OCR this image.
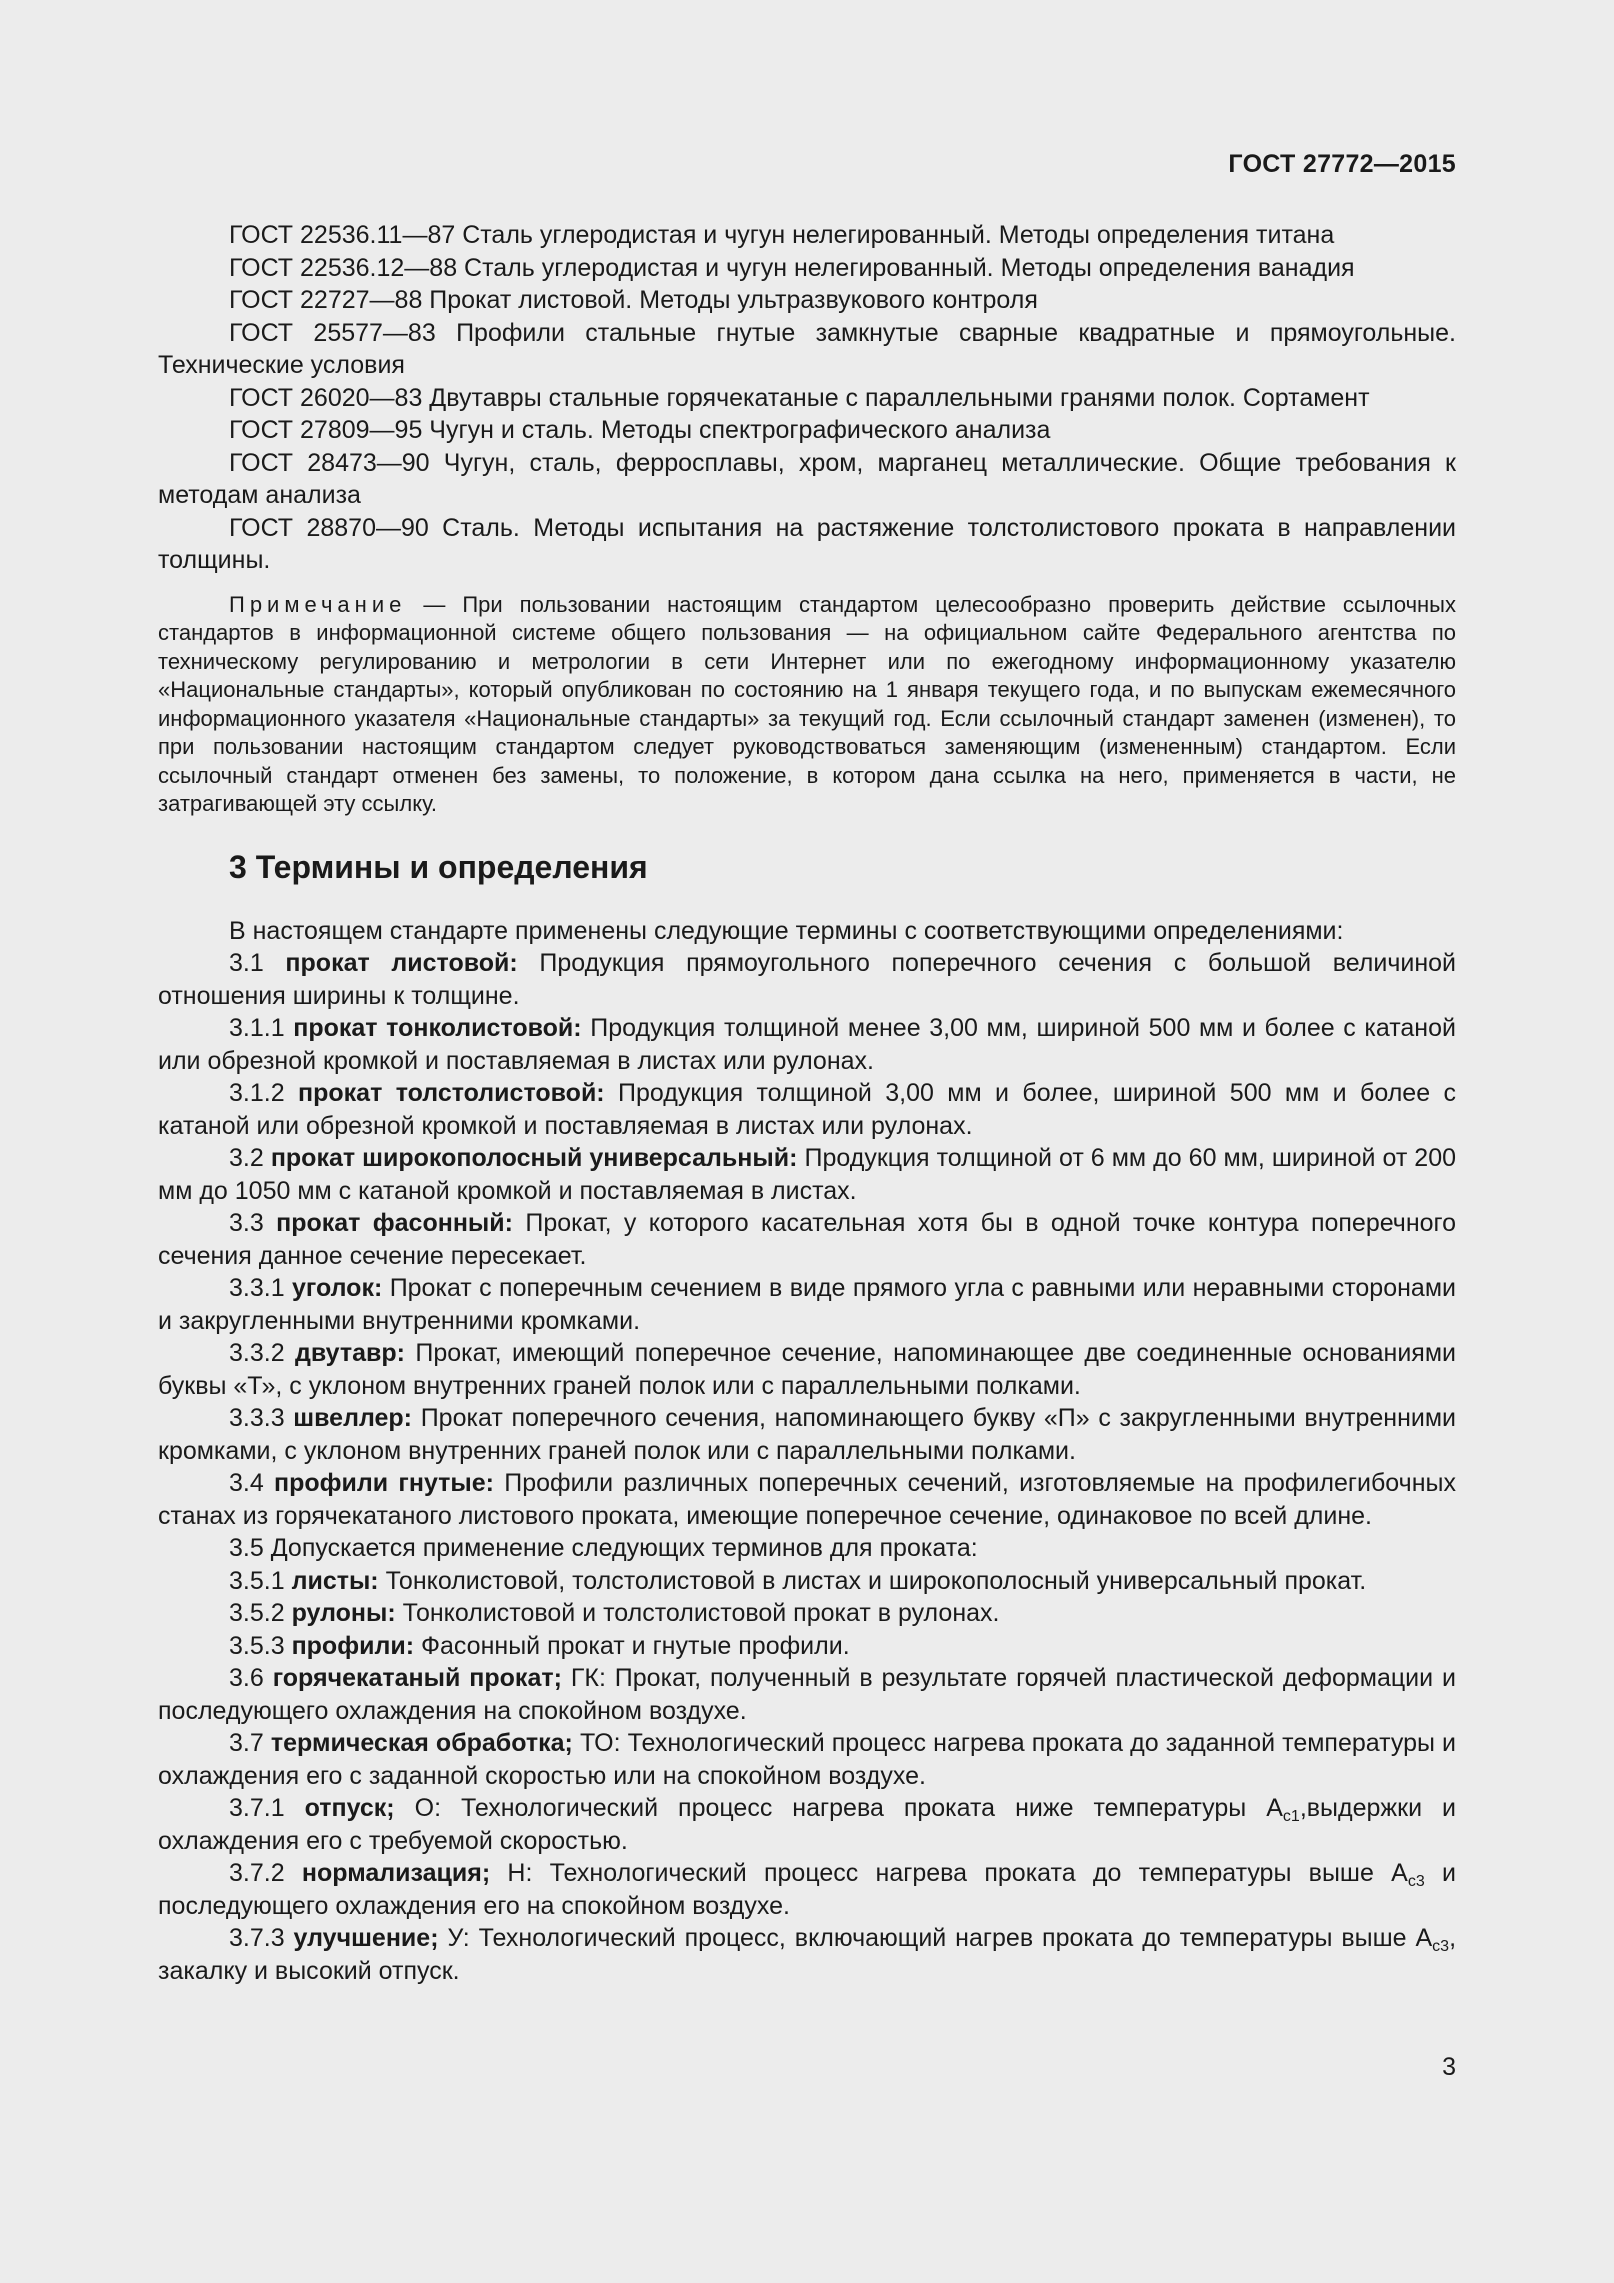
ГОСТ 27772—2015

ГОСТ 22536.11—87 Сталь углеродистая и чугун нелегированный. Методы определения титана

ГОСТ 22536.12—88 Сталь углеродистая и чугун нелегированный. Методы определения ванадия

ГОСТ 22727—88 Прокат листовой. Методы ультразвукового контроля

ГОСТ 25577—83 Профили стальные гнутые замкнутые сварные квадратные и прямоугольные. Технические условия

ГОСТ 26020—83 Двутавры стальные горячекатаные с параллельными гранями полок. Сортамент

ГОСТ 27809—95 Чугун и сталь. Методы спектрографического анализа

ГОСТ 28473—90 Чугун, сталь, ферросплавы, хром, марганец металлические. Общие требования к методам анализа

ГОСТ 28870—90 Сталь. Методы испытания на растяжение толстолистового проката в направлении толщины.

Примечание — При пользовании настоящим стандартом целесообразно проверить действие ссылочных стандартов в информационной системе общего пользования — на официальном сайте Федерального агентства по техническому регулированию и метрологии в сети Интернет или по ежегодному информационному указателю «Национальные стандарты», который опубликован по состоянию на 1 января текущего года, и по выпускам ежемесячного информационного указателя «Национальные стандарты» за текущий год. Если ссылочный стандарт заменен (изменен), то при пользовании настоящим стандартом следует руководствоваться заменяющим (измененным) стандартом. Если ссылочный стандарт отменен без замены, то положение, в котором дана ссылка на него, применяется в части, не затрагивающей эту ссылку.

3 Термины и определения

В настоящем стандарте применены следующие термины с соответствующими определениями:

3.1 прокат листовой: Продукция прямоугольного поперечного сечения с большой величиной отношения ширины к толщине.

3.1.1 прокат тонколистовой: Продукция толщиной менее 3,00 мм, шириной 500 мм и более с катаной или обрезной кромкой и поставляемая в листах или рулонах.

3.1.2 прокат толстолистовой: Продукция толщиной 3,00 мм и более, шириной 500 мм и более с катаной или обрезной кромкой и поставляемая в листах или рулонах.

3.2 прокат широкополосный универсальный: Продукция толщиной от 6 мм до 60 мм, шириной от 200 мм до 1050 мм с катаной кромкой и поставляемая в листах.

3.3 прокат фасонный: Прокат, у которого касательная хотя бы в одной точке контура поперечного сечения данное сечение пересекает.

3.3.1 уголок: Прокат с поперечным сечением в виде прямого угла с равными или неравными сторонами и закругленными внутренними кромками.

3.3.2 двутавр: Прокат, имеющий поперечное сечение, напоминающее две соединенные основаниями буквы «Т», с уклоном внутренних граней полок или с параллельными полками.

3.3.3 швеллер: Прокат поперечного сечения, напоминающего букву «П» с закругленными внутренними кромками, с уклоном внутренних граней полок или с параллельными полками.

3.4 профили гнутые: Профили различных поперечных сечений, изготовляемые на профилегибочных станах из горячекатаного листового проката, имеющие поперечное сечение, одинаковое по всей длине.

3.5 Допускается применение следующих терминов для проката:

3.5.1 листы: Тонколистовой, толстолистовой в листах и широкополосный универсальный прокат.

3.5.2 рулоны: Тонколистовой и толстолистовой прокат в рулонах.

3.5.3 профили: Фасонный прокат и гнутые профили.

3.6 горячекатаный прокат; ГК: Прокат, полученный в результате горячей пластической деформации и последующего охлаждения на спокойном воздухе.

3.7 термическая обработка; ТО: Технологический процесс нагрева проката до заданной температуры и охлаждения его с заданной скоростью или на спокойном воздухе.

3.7.1 отпуск; О: Технологический процесс нагрева проката ниже температуры $A_{c1},выдержки$ и охлаждения его с требуемой скоростью.

3.7.2 нормализация; Н: Технологический процесс нагрева проката до температуры выше $A_{c3}$ и последующего охлаждения его на спокойном воздухе.

3.7.3 улучшение; У: Технологический процесс, включающий нагрев проката до температуры выше $A_{c3}$, закалку и высокий отпуск.

3
